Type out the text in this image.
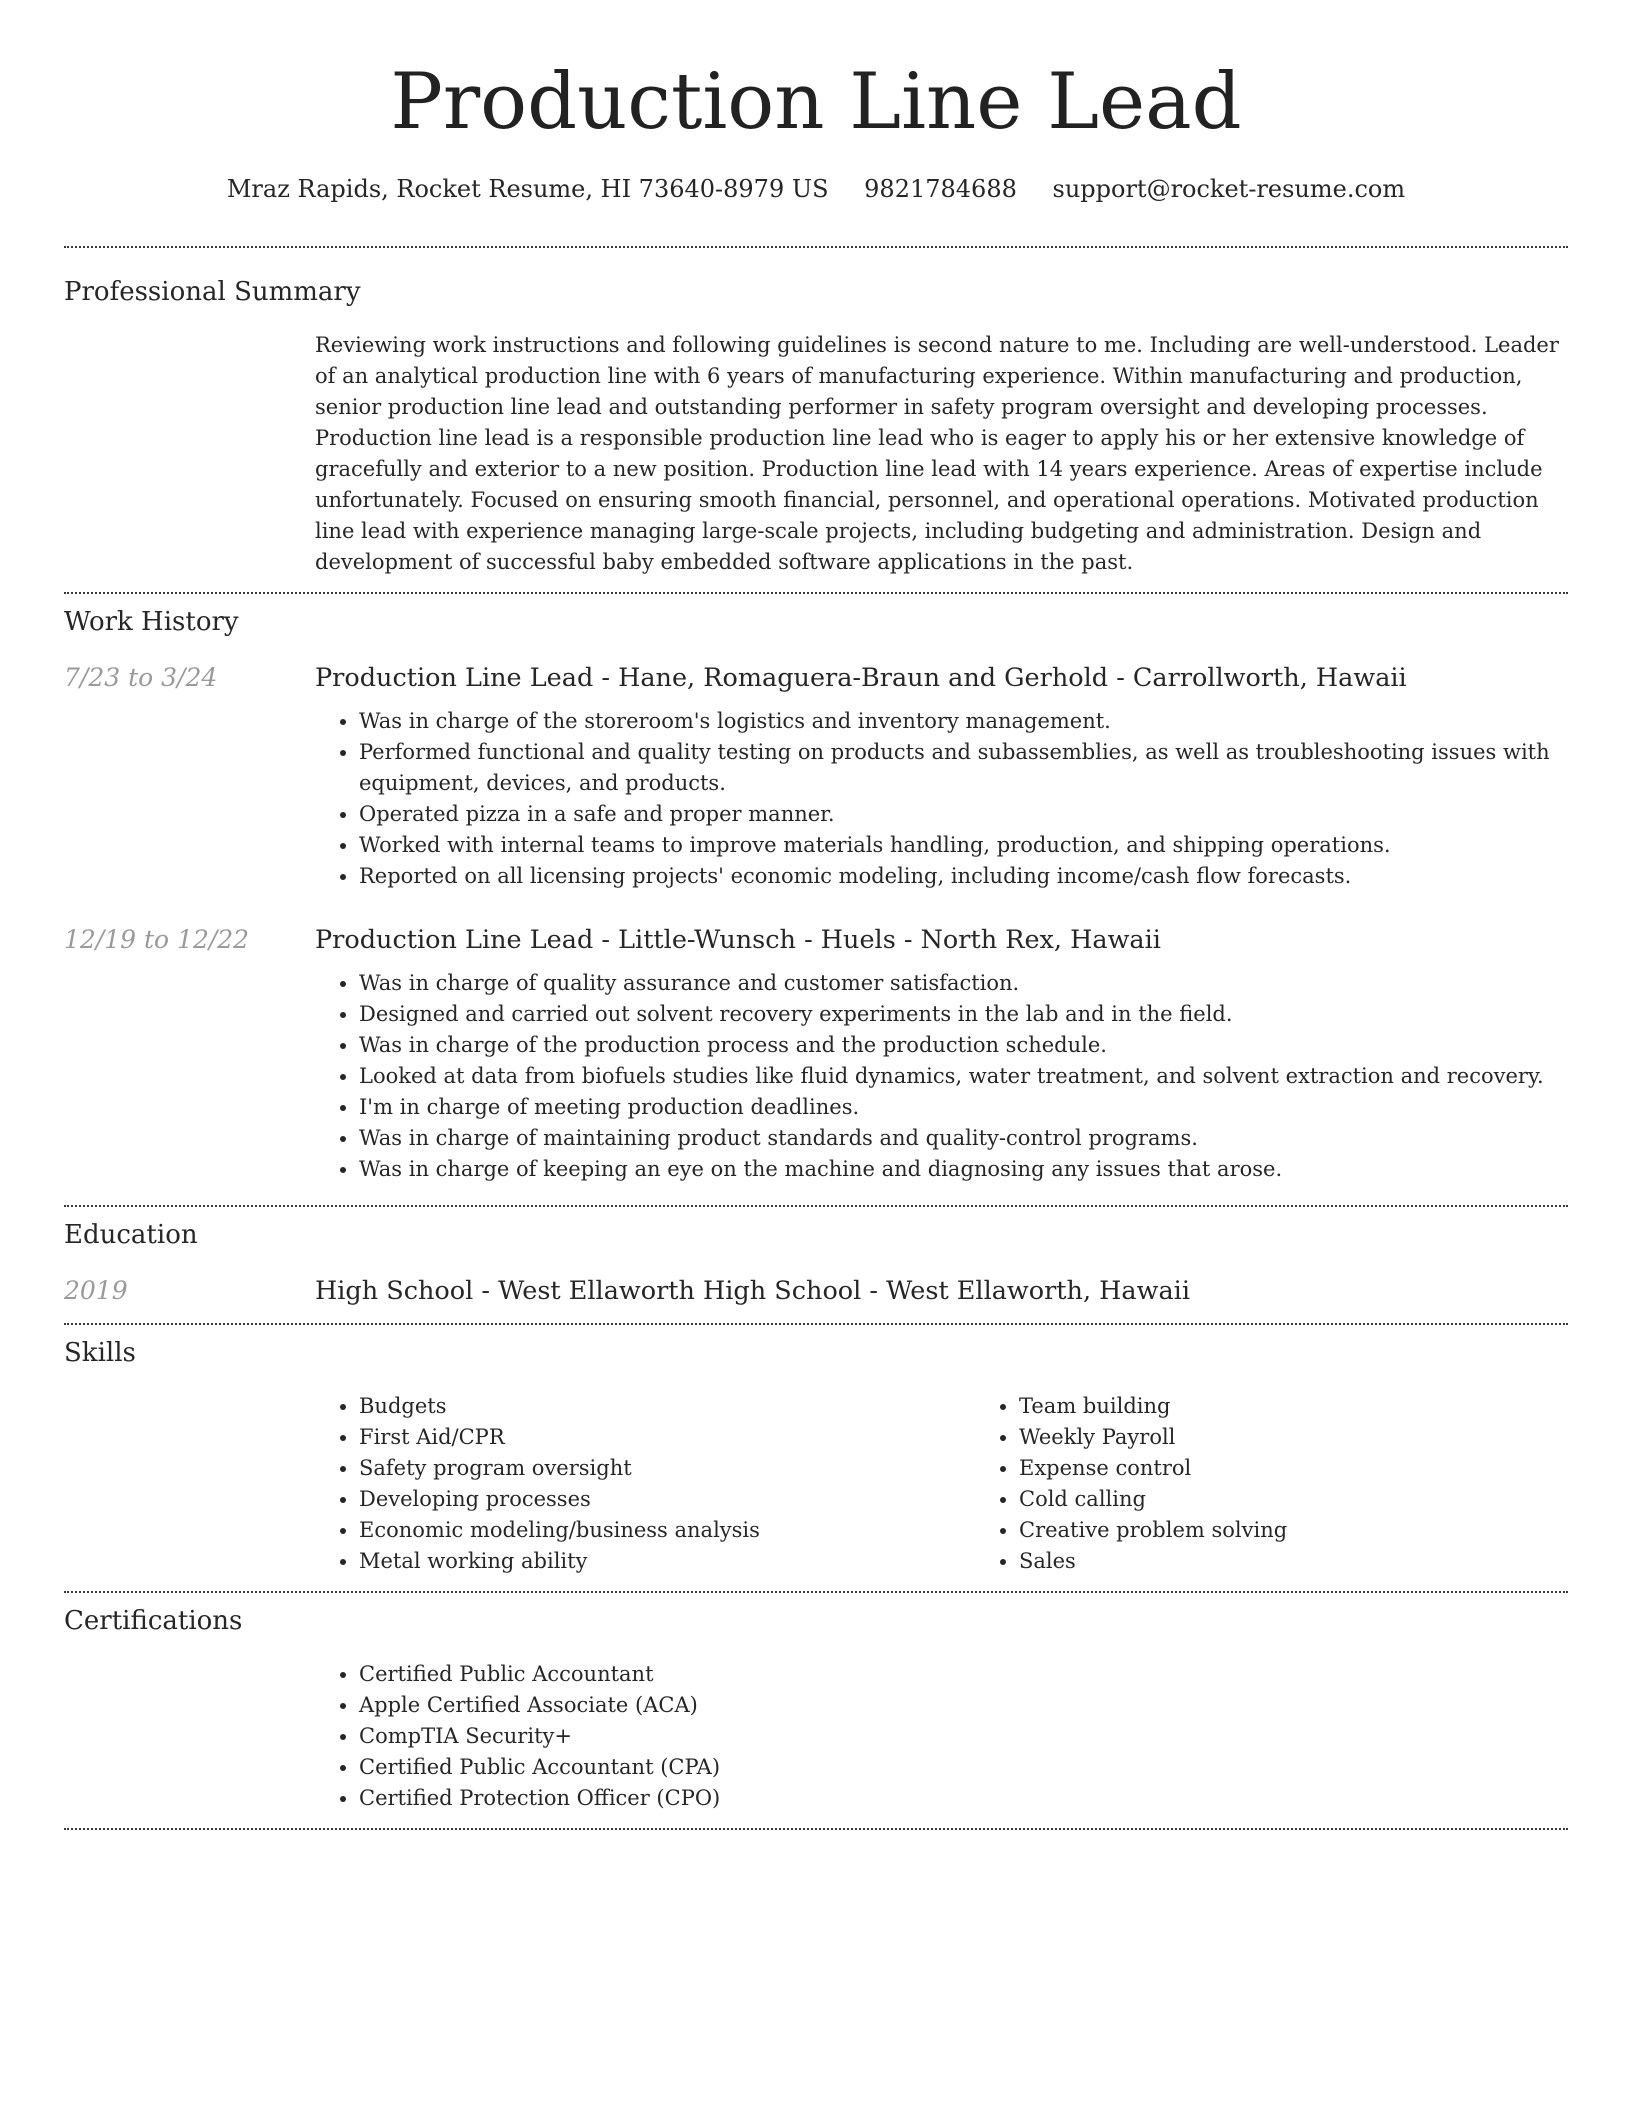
Production Line Lead
Mraz Rapids, Rocket Resume, HI 73640-8979 US 9821784688 support@rocket-resume.com
Professional Summary

Reviewing work instructions and following guidelines is second nature to me. Including are well-understood. Leader of an analytical production line with 6 years of manufacturing experience. Within manufacturing and production, senior production line lead and outstanding performer in safety program oversight and developing processes. Production line lead is a responsible production line lead who is eager to apply his or her extensive knowledge of gracefully and exterior to a new position. Production line lead with 14 years experience. Areas of expertise include unfortunately. Focused on ensuring smooth financial, personnel, and operational operations. Motivated production line lead with experience managing large-scale projects, including budgeting and administration. Design and development of successful baby embedded software applications in the past.

Work History
7/23 to 3/24	Production Line Lead - Hane, Romaguera-Braun and Gerhold - Carrollworth, Hawaii
• Was in charge of the storeroom's logistics and inventory management.
• Performed functional and quality testing on products and subassemblies, as well as troubleshooting issues with equipment, devices, and products.
• Operated pizza in a safe and proper manner.
• Worked with internal teams to improve materials handling, production, and shipping operations.
• Reported on all licensing projects' economic modeling, including income/cash flow forecasts.
12/19 to 12/22	Production Line Lead - Little-Wunsch - Huels - North Rex, Hawaii
• Was in charge of quality assurance and customer satisfaction.
• Designed and carried out solvent recovery experiments in the lab and in the field.
• Was in charge of the production process and the production schedule.
• Looked at data from biofuels studies like fluid dynamics, water treatment, and solvent extraction and recovery.
• I'm in charge of meeting production deadlines.
• Was in charge of maintaining product standards and quality-control programs.
• Was in charge of keeping an eye on the machine and diagnosing any issues that arose.
Education
2019	High School - West Ellaworth High School - West Ellaworth, Hawaii
Skills
• Budgets
• First Aid/CPR
• Safety program oversight
• Developing processes
• Economic modeling/business analysis
• Metal working ability
• Team building
• Weekly Payroll
• Expense control
• Cold calling
• Creative problem solving
• Sales
Certifications
• Certified Public Accountant
• Apple Certified Associate (ACA)
• CompTIA Security+
• Certified Public Accountant (CPA)
• Certified Protection Officer (CPO)
